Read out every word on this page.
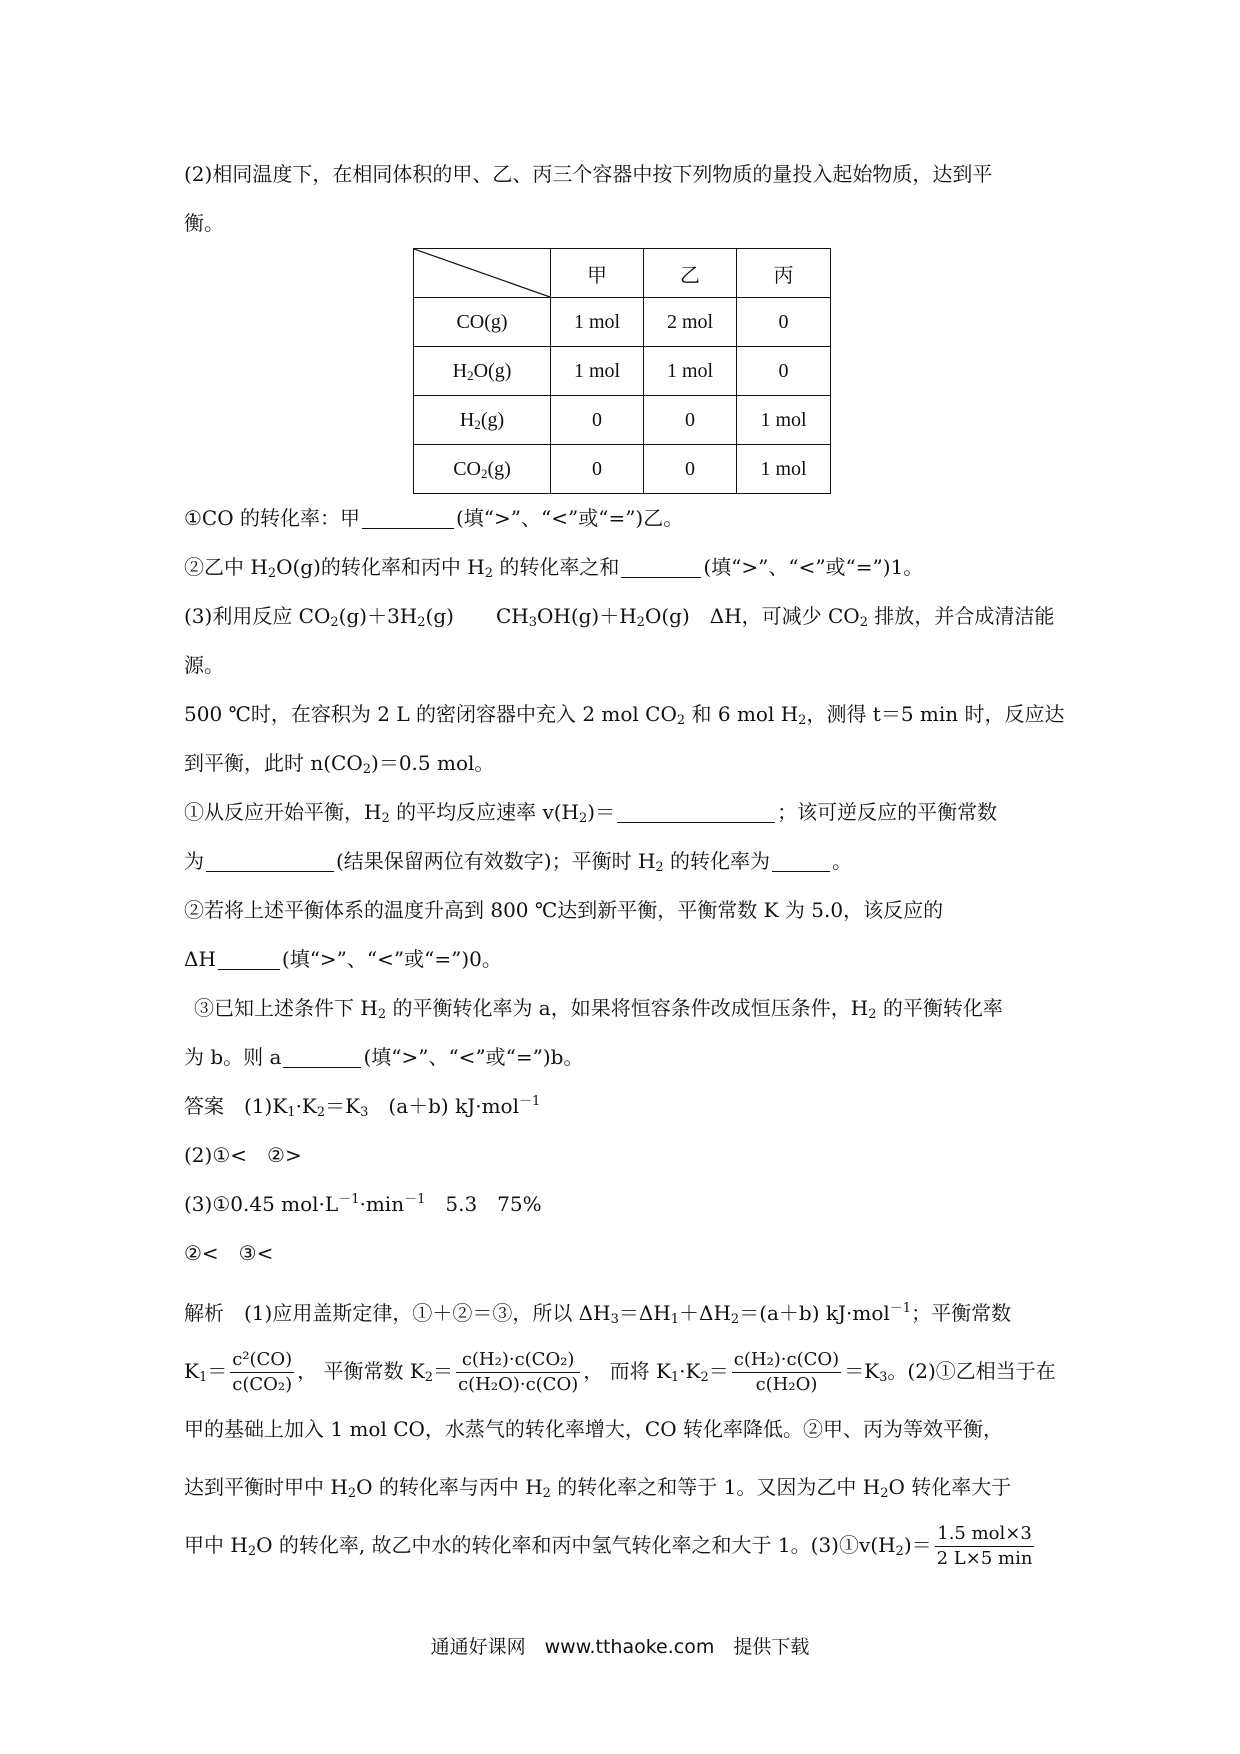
(2)相同温度下，在相同体积的甲、乙、丙三个容器中按下列物质的量投入起始物质，达到平
衡。
	甲	乙	丙
CO(g)	1 mol	2 mol	0
$H_2O(g)$	1 mol	1 mol	0
$H_2(g)$	0	0	1 mol
$CO_2(g)$	0	0	1 mol
①CO 的转化率：甲	(填“>”、“<”或“=”)乙。
②乙中 $H_2O(g)$的转化率和丙中 $H_2$ 的转化率之和	(填“>”、“<”或“=”)1。
(3)利用反应 $CO_2(g)+3H_2(g)$ $CH_3OH(g)+H_2O(g)$　ΔH，可减少 $CO_2$ 排放，并合成清洁能
源。
500 ℃时，在容积为 2 L 的密闭容器中充入 2 mol $CO_2$ 和 6 mol $H_2$，测得 t＝5 min 时，反应达
到平衡，此时 $n(CO_2)=0.5$ mol。
①从反应开始平衡，$H_2$ 的平均反应速率 $v(H_2)=$	；该可逆反应的平衡常数
为	(结果保留两位有效数字)；平衡时 $H_2$ 的转化率为	。
②若将上述平衡体系的温度升高到 800 ℃达到新平衡，平衡常数 K 为 5.0，该反应的
ΔH	(填“>”、“<”或“=”)0。
③已知上述条件下 $H_2$ 的平衡转化率为 a，如果将恒容条件改成恒压条件，$H_2$ 的平衡转化率
为 b。则 a	(填“>”、“<”或“=”)b。
答案　$(1)K_1\cdot K_2=K_3$　(a＋b) kJ·mol$^{-1}$
(2)①<　②>
(3)①0.45 $mol\cdot L^{-1}\cdot\min^{-1}$　5.3　75%
②<　③<
解析　(1)应用盖斯定律，①＋②＝③，所以 $\Delta H_3=\Delta H_1+\Delta H_2=(a+b)$ kJ·mol$^{-1}$；平衡常数
$K_1= \frac{\text{c²(CO)}}{\text{c(CO₂)}}$ ， 平衡常数 $K_2= \frac{\text{c(H₂)·c(CO₂)}}{\text{c(H₂O)·c(CO)}}$ ， 而将 $K_1\cdot K_2= \frac{\text{c(H₂)·c(CO)}}{\text{c(H₂O)}} =K_3$。(2)①乙相当于在
甲的基础上加入 1 mol CO，水蒸气的转化率增大，CO 转化率降低。②甲、丙为等效平衡，
达到平衡时甲中 $H_2O$ 的转化率与丙中 $H_2$ 的转化率之和等于 1。又因为乙中 $H_2O$ 转化率大于
甲中 $H_2O$ 的转化率, 故乙中水的转化率和丙中氢气转化率之和大于 1。$(3)①v(H_2)= \frac{\text{1.5 mol×3}}{2 L\times 5 \min}$
通通好课网　www.tthaoke.com　提供下载
